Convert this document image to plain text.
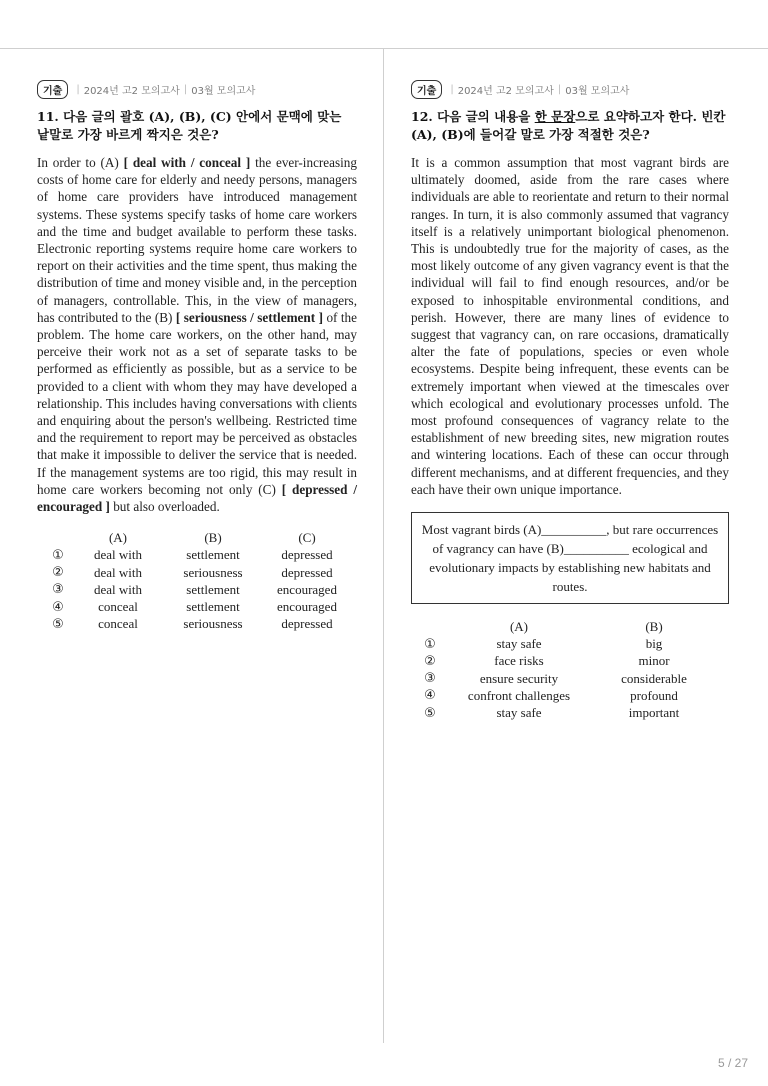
기출	| 2024년 고2 모의고사 | 03월 모의고사
11. 다음 글의 괄호 (A), (B), (C) 안에서 문맥에 맞는 낱말로 가장 바르게 짝지은 것은?
In order to (A) [ deal with / conceal ] the ever-increasing costs of home care for elderly and needy persons, managers of home care providers have introduced management systems. These systems specify tasks of home care workers and the time and budget available to perform these tasks. Electronic reporting systems require home care workers to report on their activities and the time spent, thus making the distribution of time and money visible and, in the perception of managers, controllable. This, in the view of managers, has contributed to the (B) [ seriousness / settlement ] of the problem. The home care workers, on the other hand, may perceive their work not as a set of separate tasks to be performed as efficiently as possible, but as a service to be provided to a client with whom they may have developed a relationship. This includes having conversations with clients and enquiring about the person's wellbeing. Restricted time and the requirement to report may be perceived as obstacles that make it impossible to deliver the service that is needed. If the management systems are too rigid, this may result in home care workers becoming not only (C) [ depressed / encouraged ] but also overloaded.
	(A)	(B)	(C)
①	deal with	settlement	depressed
②	deal with	seriousness	depressed
③	deal with	settlement	encouraged
④	conceal	settlement	encouraged
⑤	conceal	seriousness	depressed
기출	| 2024년 고2 모의고사 | 03월 모의고사
12. 다음 글의 내용을 한 문장으로 요약하고자 한다. 빈칸 (A), (B)에 들어갈 말로 가장 적절한 것은?
It is a common assumption that most vagrant birds are ultimately doomed, aside from the rare cases where individuals are able to reorientate and return to their normal ranges. In turn, it is also commonly assumed that vagrancy itself is a relatively unimportant biological phenomenon. This is undoubtedly true for the majority of cases, as the most likely outcome of any given vagrancy event is that the individual will fail to find enough resources, and/or be exposed to inhospitable environmental conditions, and perish. However, there are many lines of evidence to suggest that vagrancy can, on rare occasions, dramatically alter the fate of populations, species or even whole ecosystems. Despite being infrequent, these events can be extremely important when viewed at the timescales over which ecological and evolutionary processes unfold. The most profound consequences of vagrancy relate to the establishment of new breeding sites, new migration routes and wintering locations. Each of these can occur through different mechanisms, and at different frequencies, and they each have their own unique importance.
Most vagrant birds (A)__________, but rare occurrences of vagrancy can have (B)__________ ecological and evolutionary impacts by establishing new habitats and routes.
	(A)	(B)
①	stay safe	big
②	face risks	minor
③	ensure security	considerable
④	confront challenges	profound
⑤	stay safe	important
5 / 27
